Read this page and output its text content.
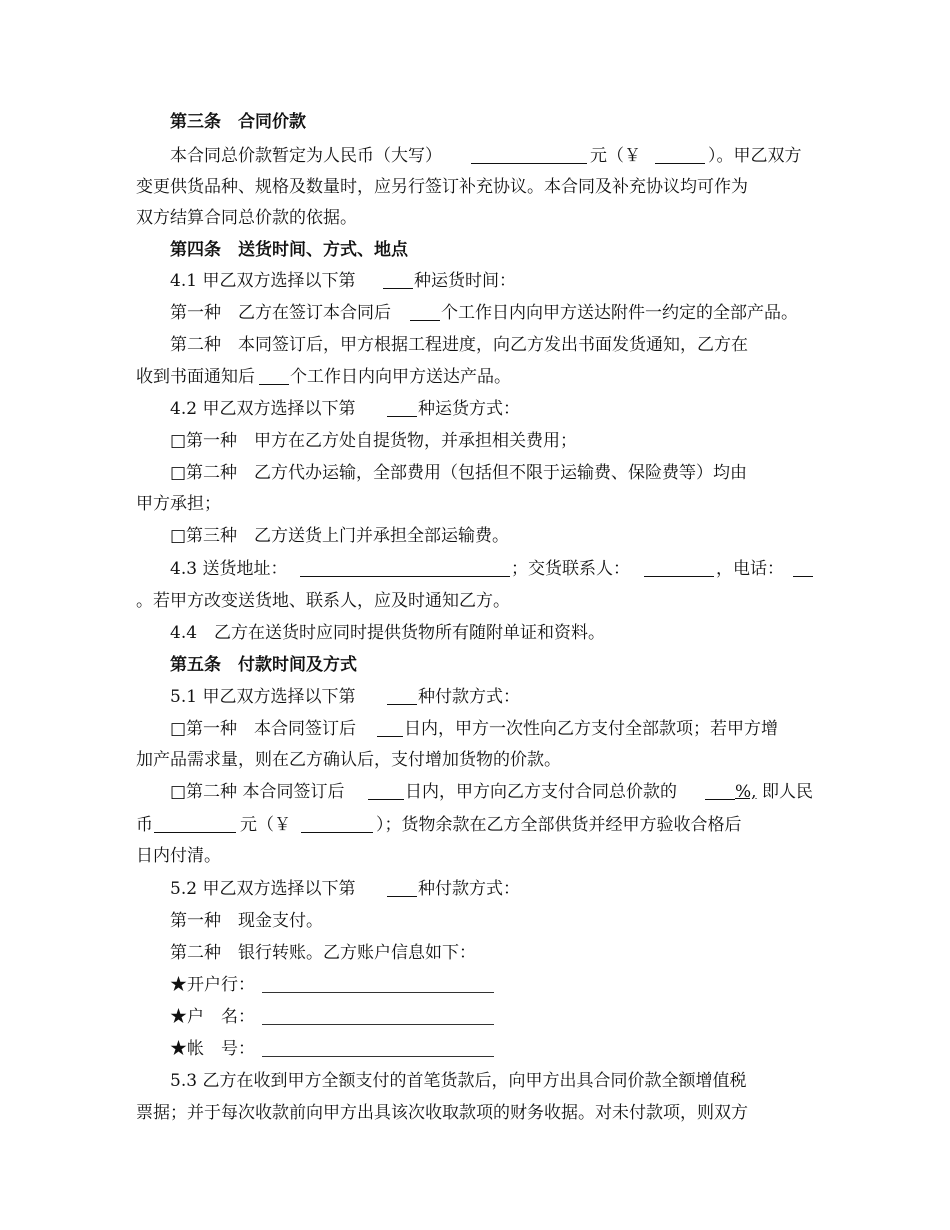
第三条　合同价款
本合同总价款暂定为人民币（大写）	元（￥	）。甲乙双方
变更供货品种、规格及数量时，应另行签订补充协议。本合同及补充协议均可作为
双方结算合同总价款的依据。
第四条　送货时间、方式、地点
4.1 甲乙双方选择以下第	种运货时间：
第一种　乙方在签订本合同后	个工作日内向甲方送达附件一约定的全部产品。
第二种　本同签订后，甲方根据工程进度，向乙方发出书面发货通知，乙方在
收到书面通知后 个工作日内向甲方送达产品。
4.2 甲乙双方选择以下第	种运货方式：
□第一种　甲方在乙方处自提货物，并承担相关费用；
□第二种　乙方代办运输，全部费用（包括但不限于运输费、保险费等）均由
甲方承担；
□第三种　乙方送货上门并承担全部运输费。
4.3 送货地址：	；交货联系人：	，电话：
。若甲方改变送货地、联系人，应及时通知乙方。
4.4　乙方在送货时应同时提供货物所有随附单证和资料。
第五条　付款时间及方式
5.1 甲乙双方选择以下第	种付款方式：
□第一种　本合同签订后	日内，甲方一次性向乙方支付全部款项；若甲方增
加产品需求量，则在乙方确认后，支付增加货物的价款。
□第二种 本合同签订后	日内，甲方向乙方支付合同总价款的	%, 即人民
币	元（￥	）；货物余款在乙方全部供货并经甲方验收合格后
日内付清。
5.2 甲乙双方选择以下第	种付款方式：
第一种　现金支付。
第二种　银行转账。乙方账户信息如下：
★开户行：
★户　名：
★帐　号：
5.3 乙方在收到甲方全额支付的首笔货款后，向甲方出具合同价款全额增值税
票据；并于每次收款前向甲方出具该次收取款项的财务收据。对未付款项，则双方
